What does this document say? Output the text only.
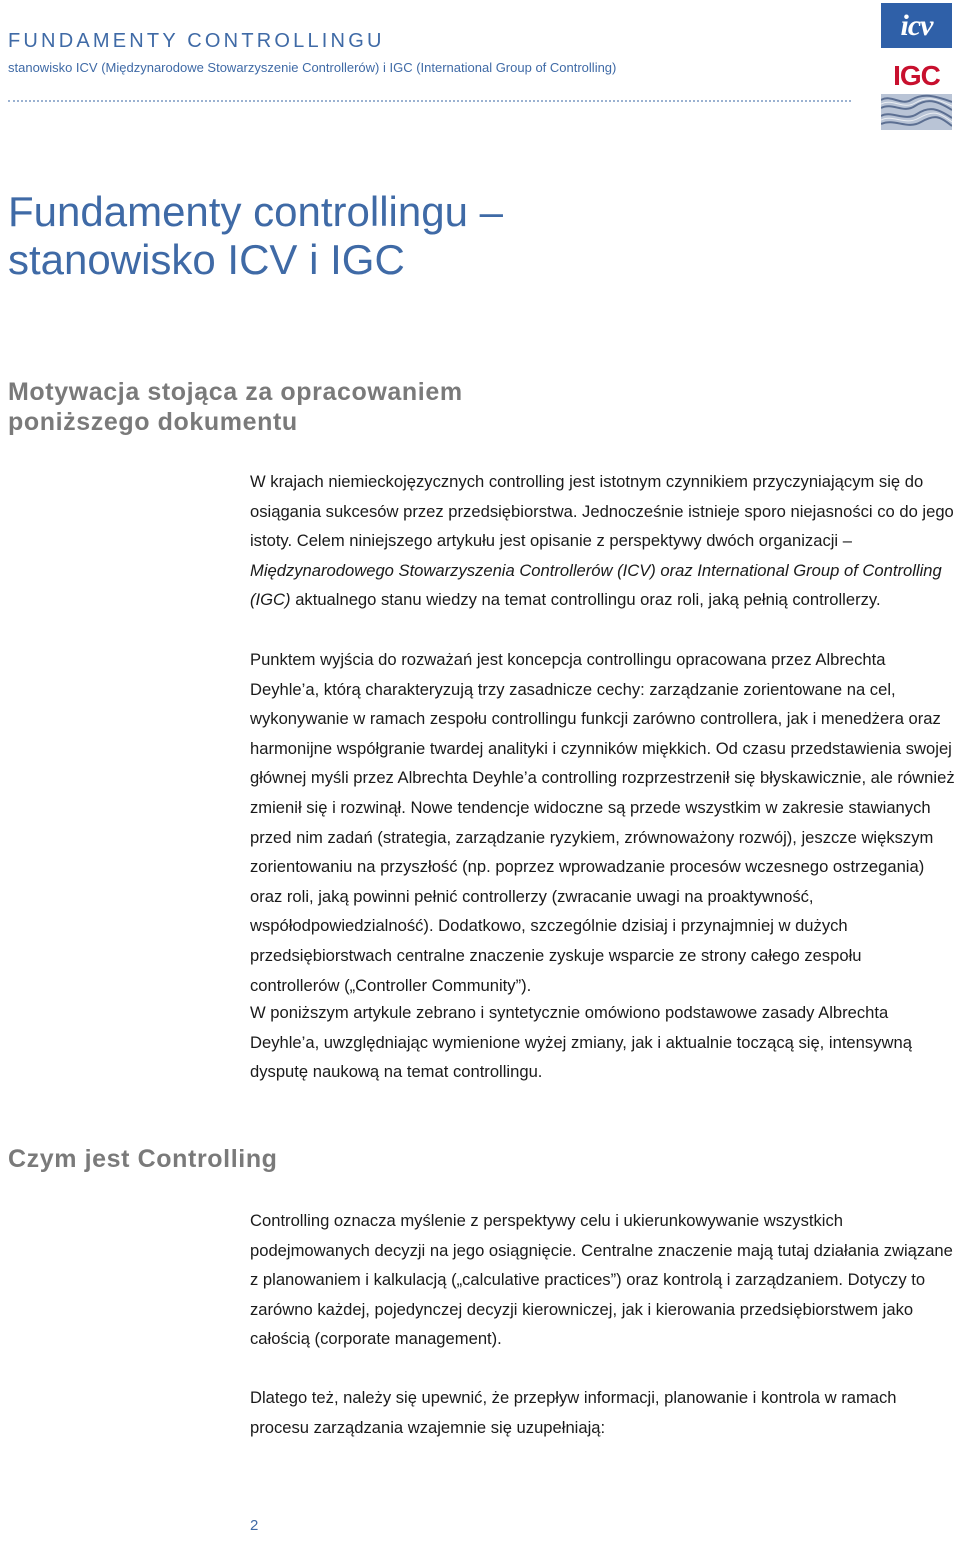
FUNDAMENTY CONTROLLINGU
stanowisko ICV (Międzynarodowe Stowarzyszenie Controllerów) i IGC (International Group of Controlling)
icv
IGC
Fundamenty controllingu –
stanowisko ICV i IGC
Motywacja stojąca za opracowaniem
poniższego dokumentu

W krajach niemieckojęzycznych controlling jest istotnym czynnikiem przyczyniającym się do osiągania sukcesów przez przedsiębiorstwa. Jednocześnie istnieje sporo niejasności co do jego istoty. Celem niniejszego artykułu jest opisanie z perspektywy dwóch organizacji – Międzynarodowego Stowarzyszenia Controllerów (ICV) oraz International Group of Controlling (IGC) aktualnego stanu wiedzy na temat controllingu oraz roli, jaką pełnią controllerzy.

Punktem wyjścia do rozważań jest koncepcja controllingu opracowana przez Albrechta Deyhle’a, którą charakteryzują trzy zasadnicze cechy: zarządzanie zorientowane na cel, wykonywanie w ramach zespołu controllingu funkcji zarówno controllera, jak i menedżera oraz harmonijne współgranie twardej analityki i czynników miękkich. Od czasu przedstawienia swojej głównej myśli przez Albrechta Deyhle’a controlling rozprzestrzenił się błyskawicznie, ale również zmienił się i rozwinął. Nowe tendencje widoczne są przede wszystkim w zakresie stawianych przed nim zadań (strategia, zarządzanie ryzykiem, zrównoważony rozwój), jeszcze większym zorientowaniu na przyszłość (np. poprzez wprowadzanie procesów wczesnego ostrzegania) oraz roli, jaką powinni pełnić controllerzy (zwracanie uwagi na proaktywność, współodpowiedzialność). Dodatkowo, szczególnie dzisiaj i przynajmniej w dużych przedsiębiorstwach centralne znaczenie zyskuje wsparcie ze strony całego zespołu controllerów („Controller Community”).

W poniższym artykule zebrano i syntetycznie omówiono podstawowe zasady Albrechta Deyhle’a, uwzględniając wymienione wyżej zmiany, jak i aktualnie toczącą się, intensywną dysputę naukową na temat controllingu.

Czym jest Controlling

Controlling oznacza myślenie z perspektywy celu i ukierunkowywanie wszystkich podejmowanych decyzji na jego osiągnięcie. Centralne znaczenie mają tutaj działania związane z planowaniem i kalkulacją („calculative practices”) oraz kontrolą i zarządzaniem. Dotyczy to zarówno każdej, pojedynczej decyzji kierowniczej, jak i kierowania przedsiębiorstwem jako całością (corporate management).

Dlatego też, należy się upewnić, że przepływ informacji, planowanie i kontrola w ramach procesu zarządzania wzajemnie się uzupełniają:

2
